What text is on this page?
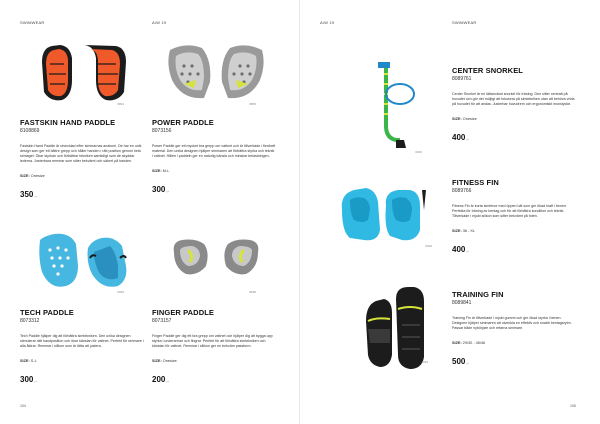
SWIMWEAR	A/W 19
104
A/W 19	SWIMWEAR
105
0891
FASTSKIN HAND PADDLE
8108869
Fastskin Hand Paddle är utvecklad efter simmarnas anatomi. De har en unik design som ger ett bättre grepp och håller handen i rätt position genom hela simtaget. Ökar styrkan och förbättrar tekniken samtidigt som de skyddar lederna. Justerbara remmar som sitter bekvämt och säkert på handen.
SIZE: Onesize
350,-
8865
POWER PADDLE
8073156
Power Paddle ger ett mycket bra grepp om vattnet och är tillverkade i flexibelt material. Den unika designen hjälper simmaren att förbättra styrka och teknik i vattnet. Hålen i paddeln ger en naturlig känsla och minskar belastningen.
SIZE: M-L
300,-
2925
TECH PADDLE
8073312
Tech Paddle hjälper dig att förbättra simtekniken. Den unika designen stimulerar rätt handposition och ökar känslan för vattnet. Perfekt för simmare i alla åldrar. Remmar i silikon som är lätta att justera.
SIZE: S-L
300,-
8185
FINGER PADDLE
8073157
Finger Paddle ger dig ett bra grepp om vattnet och hjälper dig att bygga upp styrka i underarmar och fingrar. Perfekt för att förbättra simtekniken och känslan för vattnet. Remmar i silikon ger en bekväm passform.
SIZE: Onesize
200,-
0000
0049
4049
CENTER SNORKEL
8089761
Center Snorkel är en lättanvänd snorkel för träning. Den sitter centralt på huvudet och gör det möjligt att fokusera på simtekniken utan att behöva vrida på huvudet för att andas. Justerbar huvudrem och ergonomiskt munstycke.
SIZE: Onesize
400,-
FITNESS FIN
8089766
Fitness Fin är korta simfenor med öppen häl som ger ökad kraft i benen. Perfekta för träning av bentag och för att förbättra kondition och teknik. Tillverkade i mjukt silikon som sitter bekvämt på foten.
SIZE: 36 - XL
400,-
TRAINING FIN
8089841
Training Fin är tillverkade i mjukt gummi och ger ökad styrka i benen. Designen hjälper simmaren att utveckla en effektiv och snabb bentagsrytm. Passar både nybörjare och erfarna simmare.
SIZE: 29/30 - 45/46
500,-
